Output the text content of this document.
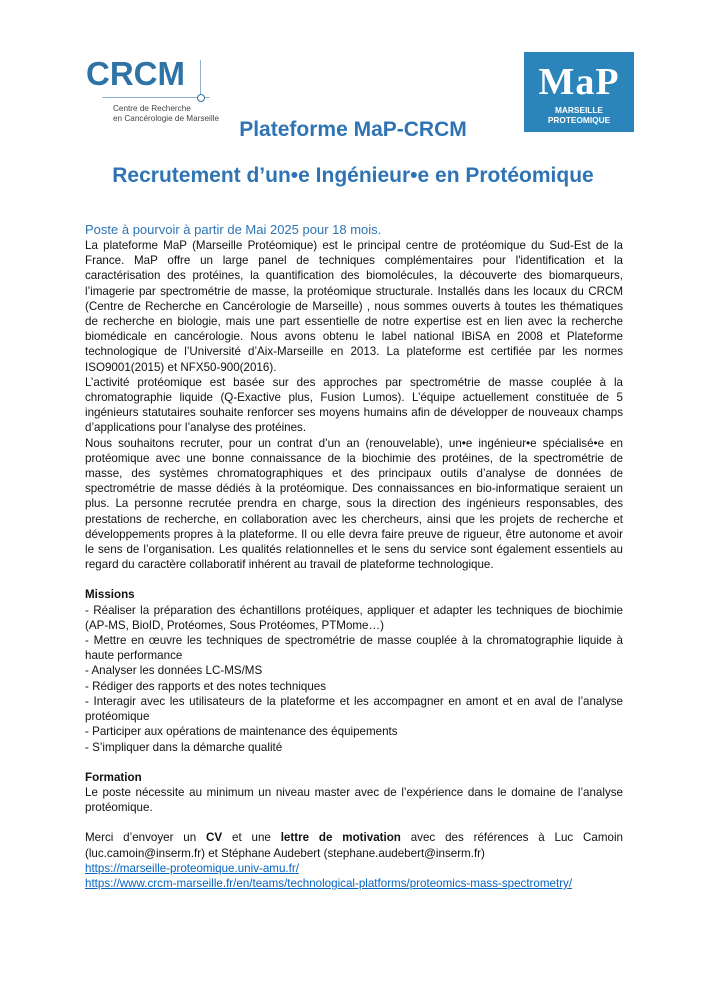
CRCM
Centre de Recherche
en Cancérologie de Marseille
MaP
MARSEILLE PROTEOMIQUE
Plateforme MaP-CRCM
Recrutement d’un•e Ingénieur•e en Protéomique

Poste à pourvoir à partir de Mai 2025 pour 18 mois.

La plateforme MaP (Marseille Protéomique) est le principal centre de protéomique du Sud-Est de la France. MaP offre un large panel de techniques complémentaires pour l'identification et la caractérisation des protéines, la quantification des biomolécules, la découverte des biomarqueurs, l’imagerie par spectrométrie de masse, la protéomique structurale. Installés dans les locaux du CRCM (Centre de Recherche en Cancérologie de Marseille) , nous sommes ouverts à toutes les thématiques de recherche en biologie, mais une part essentielle de notre expertise est en lien avec la recherche biomédicale en cancérologie. Nous avons obtenu le label national IBiSA en 2008 et Plateforme technologique de l’Université d’Aix-Marseille en 2013. La plateforme est certifiée par les normes ISO9001(2015) et NFX50-900(2016).

L’activité protéomique est basée sur des approches par spectrométrie de masse couplée à la chromatographie liquide (Q-Exactive plus, Fusion Lumos). L’équipe actuellement constituée de 5 ingénieurs statutaires souhaite renforcer ses moyens humains afin de développer de nouveaux champs d’applications pour l’analyse des protéines.

Nous souhaitons recruter, pour un contrat d’un an (renouvelable), un•e ingénieur•e spécialisé•e en protéomique avec une bonne connaissance de la biochimie des protéines, de la spectrométrie de masse, des systèmes chromatographiques et des principaux outils d’analyse de données de spectrométrie de masse dédiés à la protéomique. Des connaissances en bio-informatique seraient un plus. La personne recrutée prendra en charge, sous la direction des ingénieurs responsables, des prestations de recherche, en collaboration avec les chercheurs, ainsi que les projets de recherche et développements propres à la plateforme. Il ou elle devra faire preuve de rigueur, être autonome et avoir le sens de l’organisation. Les qualités relationnelles et le sens du service sont également essentiels au regard du caractère collaboratif inhérent au travail de plateforme technologique.

Missions

- Réaliser la préparation des échantillons protéiques, appliquer et adapter les techniques de biochimie (AP-MS, BioID, Protéomes, Sous Protéomes, PTMome…)

- Mettre en œuvre les techniques de spectrométrie de masse couplée à la chromatographie liquide à haute performance

- Analyser les données LC-MS/MS

- Rédiger des rapports et des notes techniques

- Interagir avec les utilisateurs de la plateforme et les accompagner en amont et en aval de l’analyse protéomique

- Participer aux opérations de maintenance des équipements

- S’impliquer dans la démarche qualité

Formation

Le poste nécessite au minimum un niveau master avec de l’expérience dans le domaine de l’analyse protéomique.

Merci d’envoyer un CV et une lettre de motivation avec des références à Luc Camoin (luc.camoin@inserm.fr) et Stéphane Audebert (stephane.audebert@inserm.fr)

https://marseille-proteomique.univ-amu.fr/

https://www.crcm-marseille.fr/en/teams/technological-platforms/proteomics-mass-spectrometry/
